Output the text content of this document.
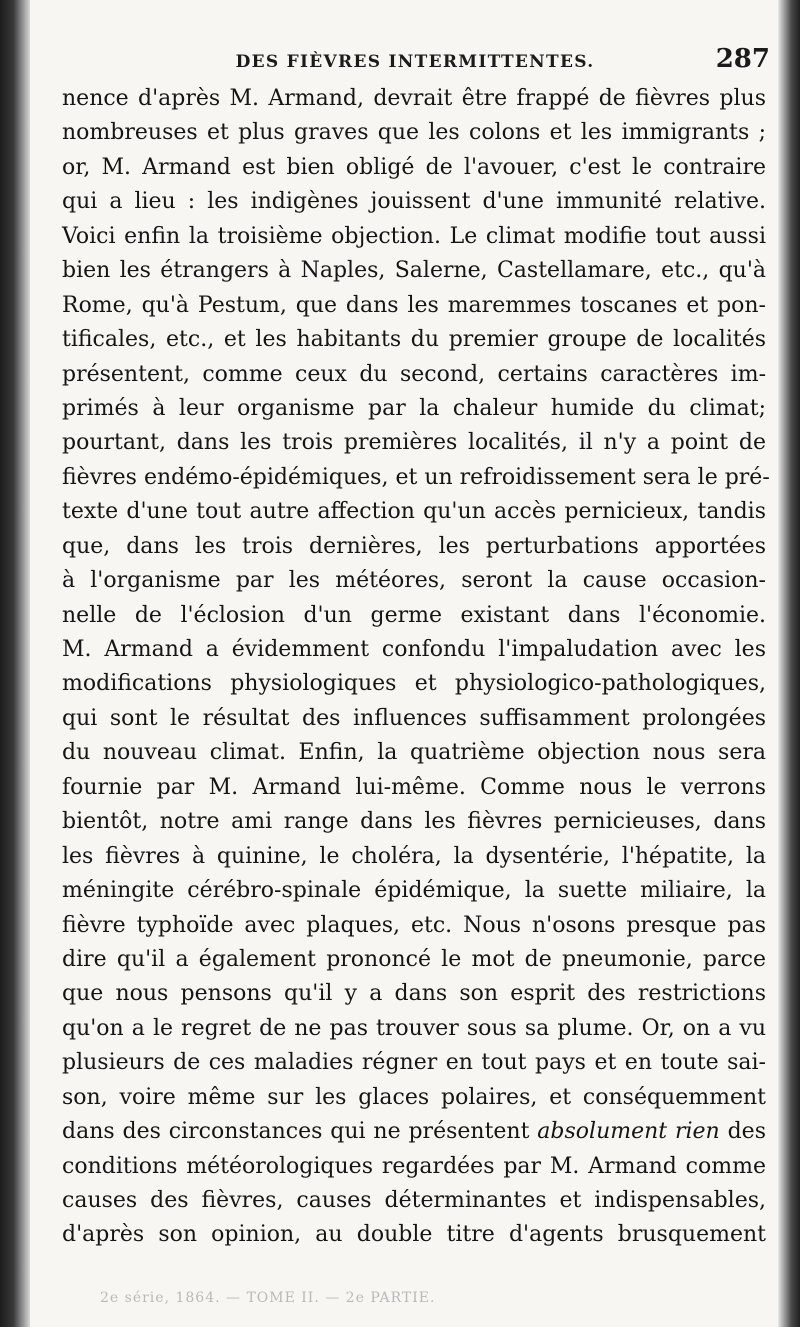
DES FIÈVRES INTERMITTENTES.	287
nence d'après M. Armand, devrait être frappé de fièvres plus
nombreuses et plus graves que les colons et les immigrants ;
or, M. Armand est bien obligé de l'avouer, c'est le contraire
qui a lieu : les indigènes jouissent d'une immunité relative.
Voici enfin la troisième objection. Le climat modifie tout aussi
bien les étrangers à Naples, Salerne, Castellamare, etc., qu'à
Rome, qu'à Pestum, que dans les maremmes toscanes et pon-
tificales, etc., et les habitants du premier groupe de localités
présentent, comme ceux du second, certains caractères im-
primés à leur organisme par la chaleur humide du climat;
pourtant, dans les trois premières localités, il n'y a point de
fièvres endémo-épidémiques, et un refroidissement sera le pré-
texte d'une tout autre affection qu'un accès pernicieux, tandis
que, dans les trois dernières, les perturbations apportées
à l'organisme par les météores, seront la cause occasion-
nelle de l'éclosion d'un germe existant dans l'économie.
M. Armand a évidemment confondu l'impaludation avec les
modifications physiologiques et physiologico-pathologiques,
qui sont le résultat des influences suffisamment prolongées
du nouveau climat. Enfin, la quatrième objection nous sera
fournie par M. Armand lui-même. Comme nous le verrons
bientôt, notre ami range dans les fièvres pernicieuses, dans
les fièvres à quinine, le choléra, la dysentérie, l'hépatite, la
méningite cérébro-spinale épidémique, la suette miliaire, la
fièvre typhoïde avec plaques, etc. Nous n'osons presque pas
dire qu'il a également prononcé le mot de pneumonie, parce
que nous pensons qu'il y a dans son esprit des restrictions
qu'on a le regret de ne pas trouver sous sa plume. Or, on a vu
plusieurs de ces maladies régner en tout pays et en toute sai-
son, voire même sur les glaces polaires, et conséquemment
dans des circonstances qui ne présentent absolument rien des
conditions météorologiques regardées par M. Armand comme
causes des fièvres, causes déterminantes et indispensables,
d'après son opinion, au double titre d'agents brusquement
2e série, 1864. — TOME II. — 2e PARTIE.
